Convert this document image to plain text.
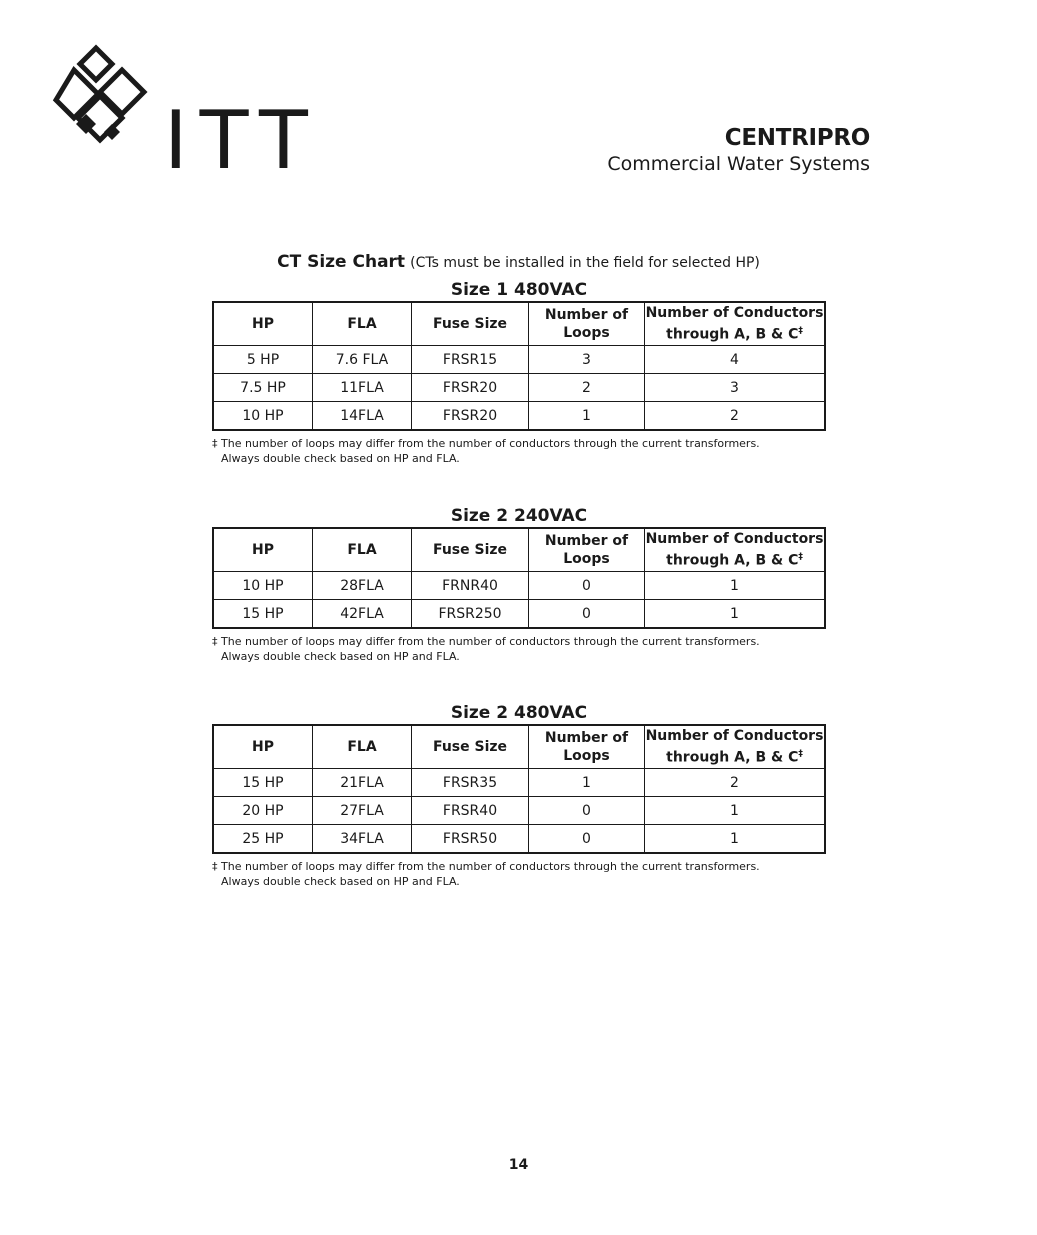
ITT	CENTRIPRO
Commercial Water Systems
CT Size Chart (CTs must be installed in the field for selected HP)
Size 1 480VAC
HP	FLA	Fuse Size	Number of Loops	Number of Conductors through A, B & C‡
5 HP	7.6 FLA	FRSR15	3	4
7.5 HP	11FLA	FRSR20	2	3
10 HP	14FLA	FRSR20	1	2
‡ The number of loops may differ from the number of conductors through the current transformers.
Always double check based on HP and FLA.
Size 2 240VAC
HP	FLA	Fuse Size	Number of Loops	Number of Conductors through A, B & C‡
10 HP	28FLA	FRNR40	0	1
15 HP	42FLA	FRSR250	0	1
‡ The number of loops may differ from the number of conductors through the current transformers.
Always double check based on HP and FLA.
Size 2 480VAC
HP	FLA	Fuse Size	Number of Loops	Number of Conductors through A, B & C‡
15 HP	21FLA	FRSR35	1	2
20 HP	27FLA	FRSR40	0	1
25 HP	34FLA	FRSR50	0	1
‡ The number of loops may differ from the number of conductors through the current transformers.
Always double check based on HP and FLA.
14
